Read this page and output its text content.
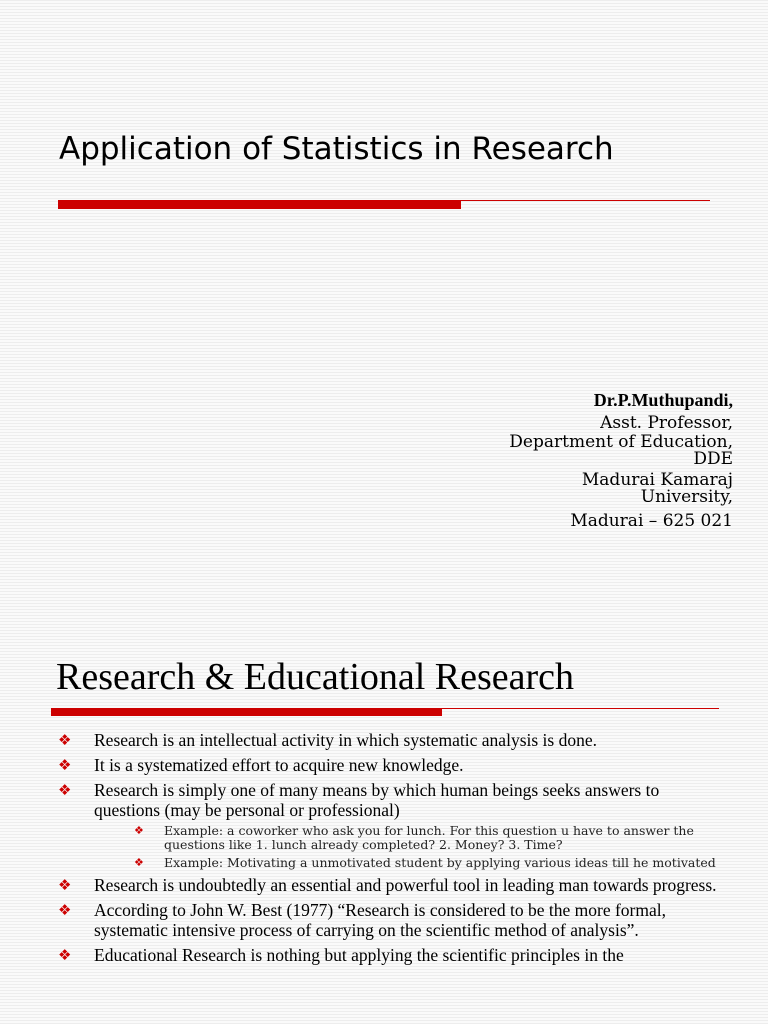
Application of Statistics in Research
Dr.P.Muthupandi,
Asst. Professor,
Department of Education,
DDE
Madurai Kamaraj
University,
Madurai – 625 021
Research & Educational Research
❖ Research is an intellectual activity in which systematic analysis is done.
❖ It is a systematized effort to acquire new knowledge.
❖ Research is simply one of many means by which human beings seeks answers to questions (may be personal or professional)
❖ Example: a coworker who ask you for lunch. For this question u have to answer the questions like 1. lunch already completed? 2. Money? 3. Time?
❖ Example: Motivating a unmotivated student by applying various ideas till he motivated
❖ Research is undoubtedly an essential and powerful tool in leading man towards progress.
❖ According to John W. Best (1977) “Research is considered to be the more formal, systematic intensive process of carrying on the scientific method of analysis”.
❖ Educational Research is nothing but applying the scientific principles in the
